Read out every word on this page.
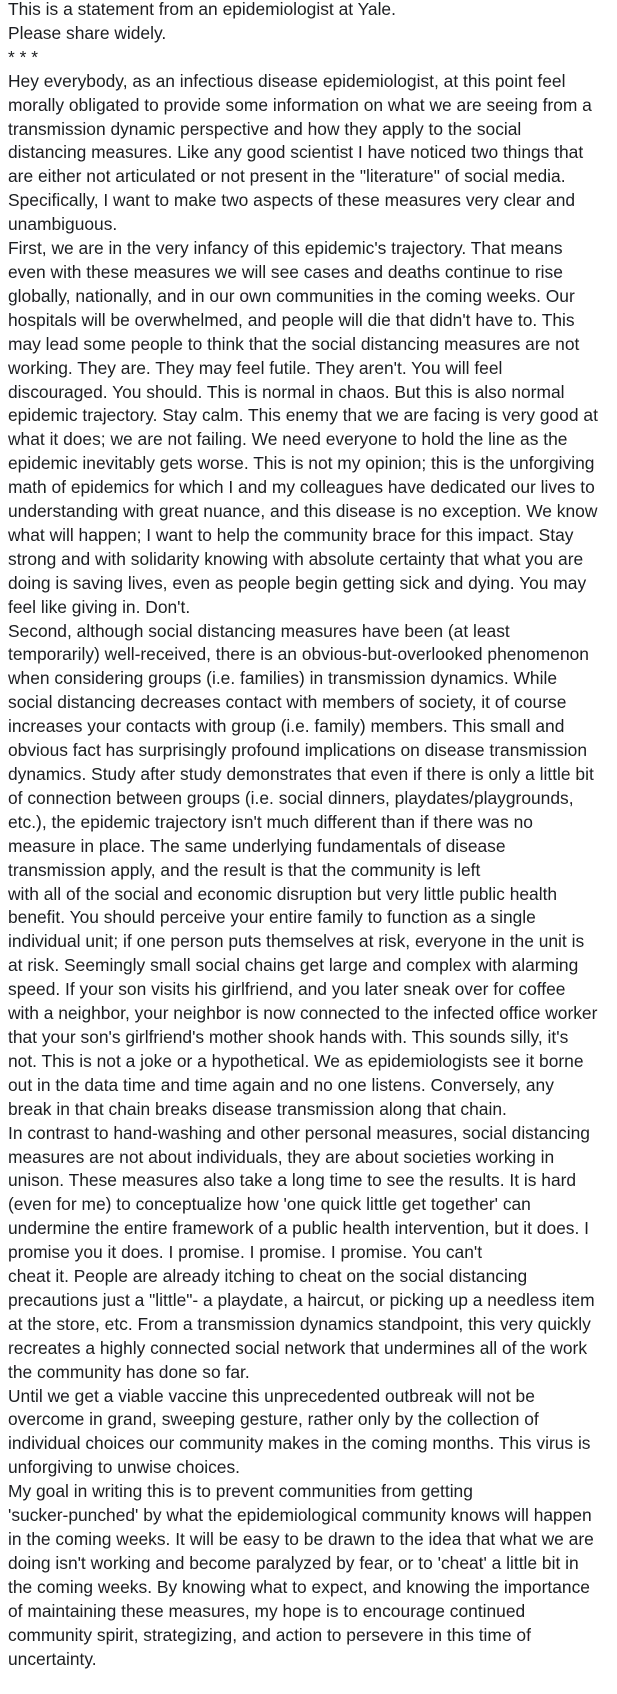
This is a statement from an epidemiologist at Yale.

Please share widely.

* * *

Hey everybody, as an infectious disease epidemiologist, at this point feel
morally obligated to provide some information on what we are seeing from a
transmission dynamic perspective and how they apply to the social
distancing measures. Like any good scientist I have noticed two things that
are either not articulated or not present in the "literature" of social media.
Specifically, I want to make two aspects of these measures very clear and
unambiguous.

First, we are in the very infancy of this epidemic's trajectory. That means
even with these measures we will see cases and deaths continue to rise
globally, nationally, and in our own communities in the coming weeks. Our
hospitals will be overwhelmed, and people will die that didn't have to. This
may lead some people to think that the social distancing measures are not
working. They are. They may feel futile. They aren't. You will feel
discouraged. You should. This is normal in chaos. But this is also normal
epidemic trajectory. Stay calm. This enemy that we are facing is very good at
what it does; we are not failing. We need everyone to hold the line as the
epidemic inevitably gets worse. This is not my opinion; this is the unforgiving
math of epidemics for which I and my colleagues have dedicated our lives to
understanding with great nuance, and this disease is no exception. We know
what will happen; I want to help the community brace for this impact. Stay
strong and with solidarity knowing with absolute certainty that what you are
doing is saving lives, even as people begin getting sick and dying. You may
feel like giving in. Don't.

Second, although social distancing measures have been (at least
temporarily) well-received, there is an obvious-but-overlooked phenomenon
when considering groups (i.e. families) in transmission dynamics. While
social distancing decreases contact with members of society, it of course
increases your contacts with group (i.e. family) members. This small and
obvious fact has surprisingly profound implications on disease transmission
dynamics. Study after study demonstrates that even if there is only a little bit
of connection between groups (i.e. social dinners, playdates/playgrounds,
etc.), the epidemic trajectory isn't much different than if there was no
measure in place. The same underlying fundamentals of disease
transmission apply, and the result is that the community is left
with all of the social and economic disruption but very little public health
benefit. You should perceive your entire family to function as a single
individual unit; if one person puts themselves at risk, everyone in the unit is
at risk. Seemingly small social chains get large and complex with alarming
speed. If your son visits his girlfriend, and you later sneak over for coffee
with a neighbor, your neighbor is now connected to the infected office worker
that your son's girlfriend's mother shook hands with. This sounds silly, it's
not. This is not a joke or a hypothetical. We as epidemiologists see it borne
out in the data time and time again and no one listens. Conversely, any
break in that chain breaks disease transmission along that chain.

In contrast to hand-washing and other personal measures, social distancing
measures are not about individuals, they are about societies working in
unison. These measures also take a long time to see the results. It is hard
(even for me) to conceptualize how 'one quick little get together' can
undermine the entire framework of a public health intervention, but it does. I
promise you it does. I promise. I promise. I promise. You can't
cheat it. People are already itching to cheat on the social distancing
precautions just a "little"- a playdate, a haircut, or picking up a needless item
at the store, etc. From a transmission dynamics standpoint, this very quickly
recreates a highly connected social network that undermines all of the work
the community has done so far.

Until we get a viable vaccine this unprecedented outbreak will not be
overcome in grand, sweeping gesture, rather only by the collection of
individual choices our community makes in the coming months. This virus is
unforgiving to unwise choices.

My goal in writing this is to prevent communities from getting
'sucker-punched' by what the epidemiological community knows will happen
in the coming weeks. It will be easy to be drawn to the idea that what we are
doing isn't working and become paralyzed by fear, or to 'cheat' a little bit in
the coming weeks. By knowing what to expect, and knowing the importance
of maintaining these measures, my hope is to encourage continued
community spirit, strategizing, and action to persevere in this time of
uncertainty.
